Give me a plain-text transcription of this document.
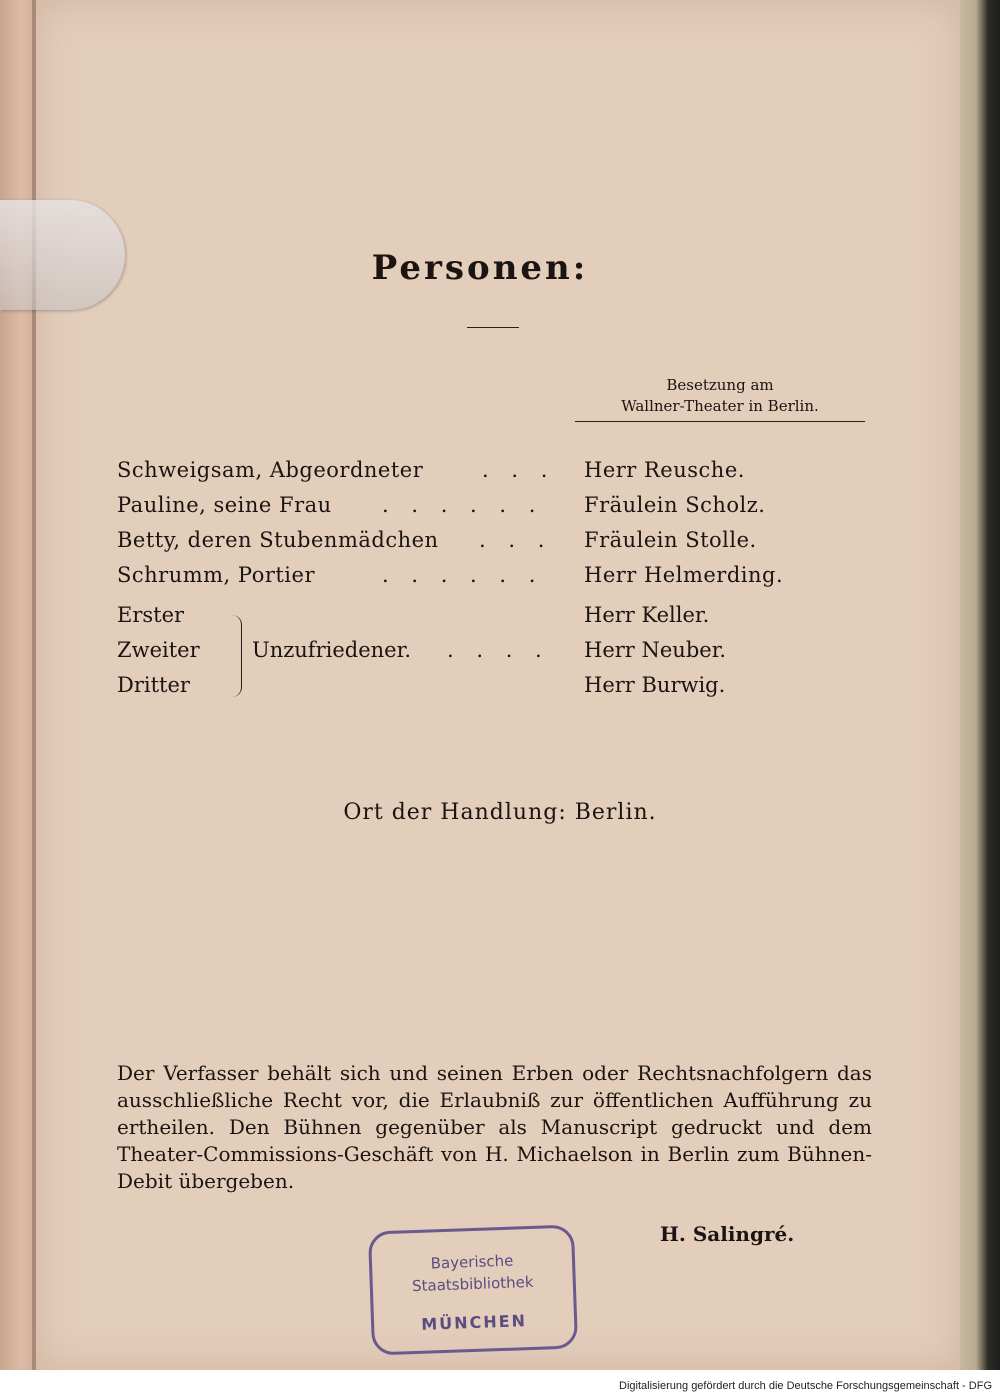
Personen:
Besetzung am
Wallner-Theater in Berlin.
Schweigsam, Abgeordneter	. . . Herr Reusche.
Pauline, seine Frau . . . . . . Fräulein Scholz.
Betty, deren Stubenmädchen . . . Fräulein Stolle.
Schrumm, Portier	. . . . . . Herr Helmerding.
Erster
Zweiter
Dritter
Unzufriedener. . . . .
Herr Keller.
Herr Neuber.
Herr Burwig.
Ort der Handlung: Berlin.
Der Verfasser behält sich und seinen Erben oder Rechtsnachfolgern das ausschließliche Recht vor, die Erlaubniß zur öffentlichen Aufführung zu ertheilen. Den Bühnen gegenüber als Manuscript gedruckt und dem Theater-Commissions-Geschäft von H. Michaelson in Berlin zum Bühnen-Debit übergeben.
H. Salingré.
Bayerische
Staatsbibliothek
MÜNCHEN
Digitalisierung gefördert durch die Deutsche Forschungsgemeinschaft - DFG
